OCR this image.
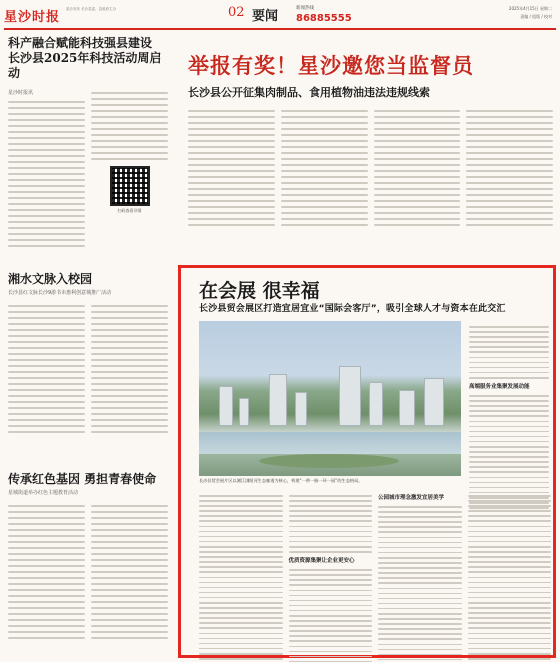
星沙时报
星沙发布 长沙县委、县政府主办	02 要闻
新闻热线
86885555
2025年4月15日 星期二
责编 / 组版 / 校对
科产融合赋能科技强县建设 长沙县2025年科技活动周启动
星沙时报讯
扫码查看详情
湘水文脉入校园
长沙县红文脉长沙9游书市惠利创意城推广活动
传承红色基因 勇担青春使命
星城街道举办红色主题教育活动
举报有奖！星沙邀您当监督员
长沙县公开征集肉制品、食用植物油违法违规线索
在会展 很幸福
长沙县贸会展区打造宜居宜业“国际会客厅”，吸引全球人才与资本在此交汇
高端服务业集聚发展动能
长沙县贸会展片区以湘江浏阳河生态廊道为核心，构建“一带一脉一环一园”的生态格局。
优质资源集聚让企业更安心
公园城市理念激发宜居美学
